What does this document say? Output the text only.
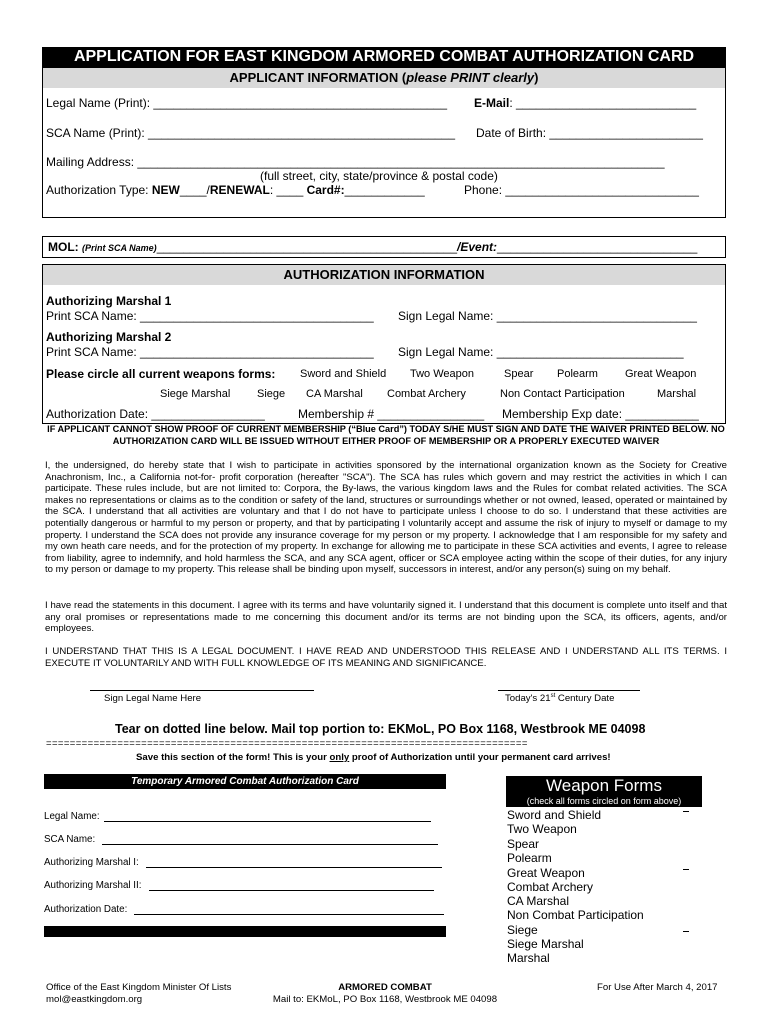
APPLICATION FOR EAST KINGDOM ARMORED COMBAT AUTHORIZATION CARD
APPLICANT INFORMATION (please PRINT clearly)
Legal Name (Print): ____________________________________________ E-Mail: ___________________________
SCA Name (Print): ______________________________________________ Date of Birth: _______________________
Mailing Address: _______________________________________________________________________________
(full street, city, state/province & postal code)
Authorization Type: NEW____/RENEWAL: ____ Card#:____________	Phone: _____________________________
MOL: (Print SCA Name)_____________________________________________/Event:______________________________
AUTHORIZATION INFORMATION
Authorizing Marshal 1
Print SCA Name: ___________________________________ Sign Legal Name: ______________________________
Authorizing Marshal 2
Print SCA Name: ___________________________________ Sign Legal Name: ____________________________
Please circle all current weapons forms: Sword and Shield Two Weapon	Spear Polearm Great Weapon
Siege Marshal Siege CA Marshal Combat Archery	Non Contact Participation	Marshal
Authorization Date: _________________	Membership # ________________ Membership Exp date: ___________
IF APPLICANT CANNOT SHOW PROOF OF CURRENT MEMBERSHIP (“Blue Card”) TODAY S/HE MUST SIGN AND DATE THE WAIVER PRINTED BELOW. NO AUTHORIZATION CARD WILL BE ISSUED WITHOUT EITHER PROOF OF MEMBERSHIP OR A PROPERLY EXECUTED WAIVER
I, the undersigned, do hereby state that I wish to participate in activities sponsored by the international organization known as the Society for Creative Anachronism, Inc., a California not-for- profit corporation (hereafter "SCA"). The SCA has rules which govern and may restrict the activities in which I can participate. These rules include, but are not limited to: Corpora, the By-laws, the various kingdom laws and the Rules for combat related activities. The SCA makes no representations or claims as to the condition or safety of the land, structures or surroundings whether or not owned, leased, operated or maintained by the SCA. I understand that all activities are voluntary and that I do not have to participate unless I choose to do so. I understand that these activities are potentially dangerous or harmful to my person or property, and that by participating I voluntarily accept and assume the risk of injury to myself or damage to my property. I understand the SCA does not provide any insurance coverage for my person or my property. I acknowledge that I am responsible for my safety and my own heath care needs, and for the protection of my property. In exchange for allowing me to participate in these SCA activities and events, I agree to release from liability, agree to indemnify, and hold harmless the SCA, and any SCA agent, officer or SCA employee acting within the scope of their duties, for any injury to my person or damage to my property. This release shall be binding upon myself, successors in interest, and/or any person(s) suing on my behalf.
I have read the statements in this document. I agree with its terms and have voluntarily signed it. I understand that this document is complete unto itself and that any oral promises or representations made to me concerning this document and/or its terms are not binding upon the SCA, its officers, agents, and/or employees.
I UNDERSTAND THAT THIS IS A LEGAL DOCUMENT. I HAVE READ AND UNDERSTOOD THIS RELEASE AND I UNDERSTAND ALL ITS TERMS. I EXECUTE IT VOLUNTARILY AND WITH FULL KNOWLEDGE OF ITS MEANING AND SIGNIFICANCE.
Sign Legal Name Here	Today's 21st Century Date
Tear on dotted line below. Mail top portion to: EKMoL, PO Box 1168, Westbrook ME 04098
=================================================================================
Save this section of the form! This is your only proof of Authorization until your permanent card arrives!
Temporary Armored Combat Authorization Card
Legal Name:
SCA Name:
Authorizing Marshal I:
Authorizing Marshal II:
Authorization Date:
Weapon Forms
(check all forms circled on form above)
Sword and Shield
Two Weapon
Spear
Polearm
Great Weapon
Combat Archery
CA Marshal
Non Combat Participation
Siege
Siege Marshal
Marshal
Office of the East Kingdom Minister Of Lists
mol@eastkingdom.org
ARMORED COMBAT
Mail to: EKMoL, PO Box 1168, Westbrook ME 04098
For Use After March 4, 2017
